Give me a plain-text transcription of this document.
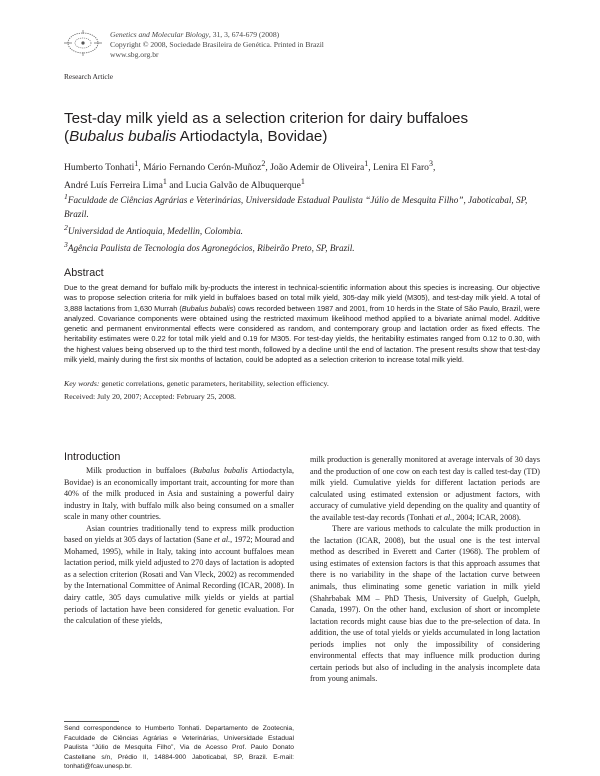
Genetics and Molecular Biology, 31, 3, 674-679 (2008)
Copyright © 2008, Sociedade Brasileira de Genética. Printed in Brazil
www.sbg.org.br
Research Article
Test-day milk yield as a selection criterion for dairy buffaloes
(Bubalus bubalis Artiodactyla, Bovidae)
Humberto Tonhati$^1$, Mário Fernando Cerón-Muñoz$^2$, João Ademir de Oliveira$^1$, Lenira El Faro$^3$,
André Luís Ferreira Lima$^1$ and Lucia Galvão de Albuquerque$^1$
$^1$Faculdade de Ciências Agrárias e Veterinárias, Universidade Estadual Paulista “Júlio de Mesquita Filho”, Jaboticabal, SP, Brazil.
$^2$Universidad de Antioquia, Medellin, Colombia.
$^3$Agência Paulista de Tecnologia dos Agronegócios, Ribeirão Preto, SP, Brazil.
Abstract
Due to the great demand for buffalo milk by-products the interest in technical-scientific information about this species is increasing. Our objective was to propose selection criteria for milk yield in buffaloes based on total milk yield, 305-day milk yield (M305), and test-day milk yield. A total of 3,888 lactations from 1,630 Murrah (Bubalus bubalis) cows recorded between 1987 and 2001, from 10 herds in the State of São Paulo, Brazil, were analyzed. Covariance components were obtained using the restricted maximum likelihood method applied to a bivariate animal model. Additive genetic and permanent environmental effects were considered as random, and contemporary group and lactation order as fixed effects. The heritability estimates were 0.22 for total milk yield and 0.19 for M305. For test-day yields, the heritability estimates ranged from 0.12 to 0.30, with the highest values being observed up to the third test month, followed by a decline until the end of lactation. The present results show that test-day milk yield, mainly during the first six months of lactation, could be adopted as a selection criterion to increase total milk yield.
Key words: genetic correlations, genetic parameters, heritability, selection efficiency.
Received: July 20, 2007; Accepted: February 25, 2008.
Introduction

Milk production in buffaloes (Bubalus bubalis Artiodactyla, Bovidae) is an economically important trait, accounting for more than 40% of the milk produced in Asia and sustaining a powerful dairy industry in Italy, with buffalo milk also being consumed on a smaller scale in many other countries.

Asian countries traditionally tend to express milk production based on yields at 305 days of lactation (Sane et al., 1972; Mourad and Mohamed, 1995), while in Italy, taking into account buffaloes mean lactation period, milk yield adjusted to 270 days of lactation is adopted as a selection criterion (Rosati and Van Vleck, 2002) as recommended by the International Committee of Animal Recording (ICAR, 2008). In dairy cattle, 305 days cumulative milk yields or yields at partial periods of lactation have been considered for genetic evaluation. For the calculation of these yields,

milk production is generally monitored at average intervals of 30 days and the production of one cow on each test day is called test-day (TD) milk yield. Cumulative yields for different lactation periods are calculated using estimated extension or adjustment factors, with accuracy of cumulative yield depending on the quality and quantity of the available test-day records (Tonhati et al., 2004; ICAR, 2008).

There are various methods to calculate the milk production in the lactation (ICAR, 2008), but the usual one is the test interval method as described in Everett and Carter (1968). The problem of using estimates of extension factors is that this approach assumes that there is no variability in the shape of the lactation curve between animals, thus eliminating some genetic variation in milk yield (Shahrbabak MM – PhD Thesis, University of Guelph, Guelph, Canada, 1997). On the other hand, exclusion of short or incomplete lactation records might cause bias due to the pre-selection of data. In addition, the use of total yields or yields accumulated in long lactation periods implies not only the impossibility of considering environmental effects that may influence milk production during certain periods but also of including in the analysis incomplete data from young animals.

Send correspondence to Humberto Tonhati. Departamento de Zootecnia, Faculdade de Ciências Agrárias e Veterinárias, Universidade Estadual Paulista “Júlio de Mesquita Filho”, Via de Acesso Prof. Paulo Donato Castellane s/n, Prédio II, 14884-900 Jaboticabal, SP, Brazil. E-mail: tonhati@fcav.unesp.br.
